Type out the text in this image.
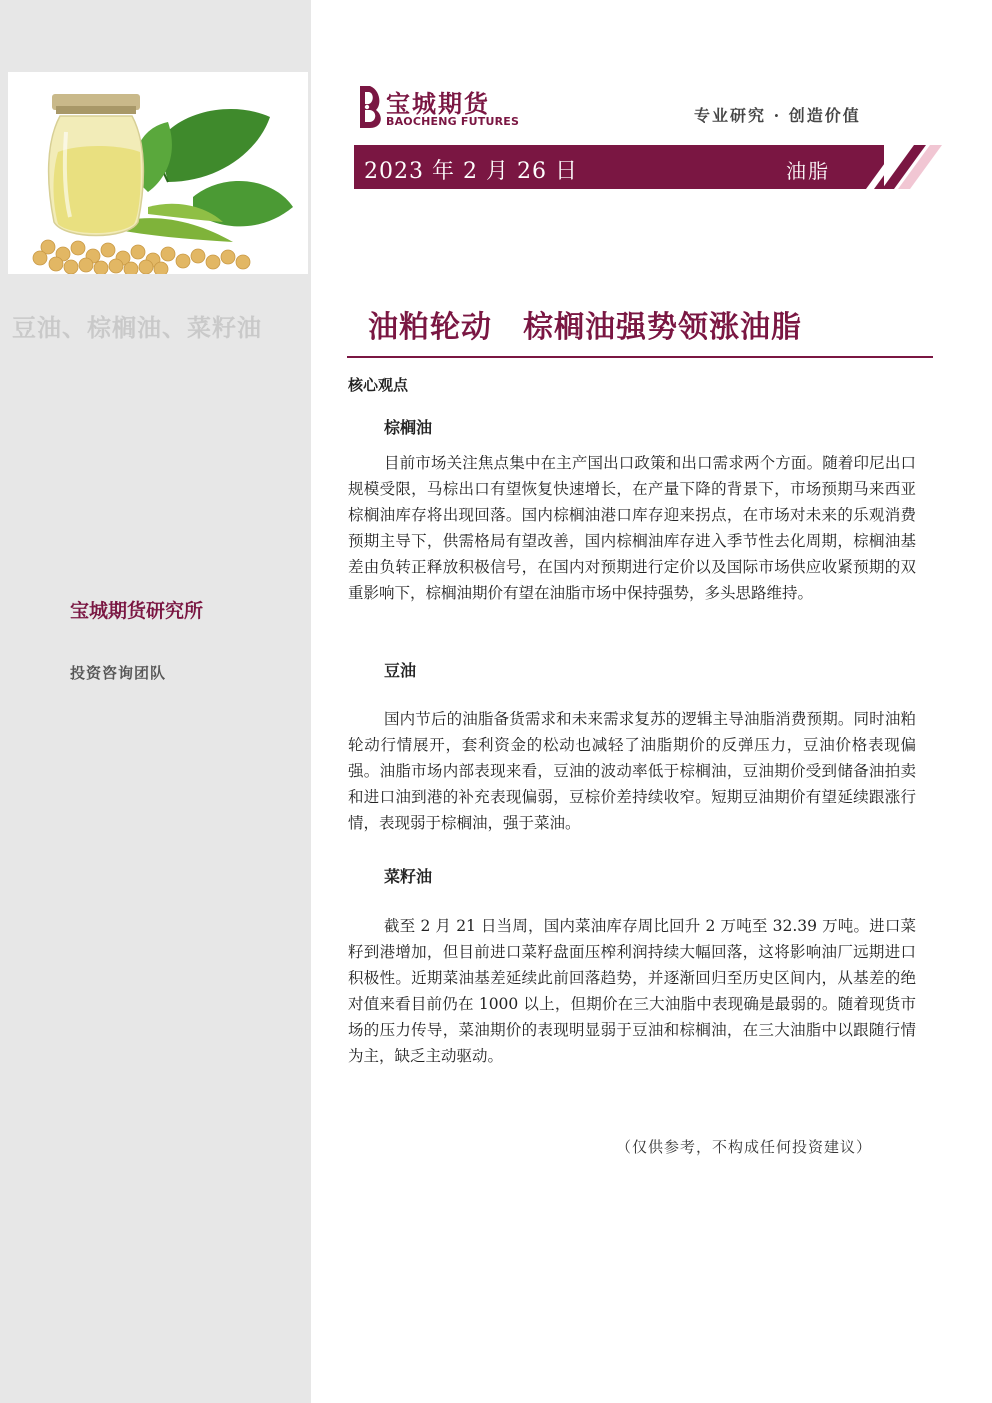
豆油、棕榈油、菜籽油
宝城期货研究所
投资咨询团队
宝城期货
BAOCHENG FUTURES	专业研究 · 创造价值
2023 年 2 月 26 日	油脂
油粕轮动　棕榈油强势领涨油脂
核心观点
棕榈油
目前市场关注焦点集中在主产国出口政策和出口需求两个方面。随着印尼出口规模受限，马棕出口有望恢复快速增长，在产量下降的背景下，市场预期马来西亚棕榈油库存将出现回落。国内棕榈油港口库存迎来拐点，在市场对未来的乐观消费预期主导下，供需格局有望改善，国内棕榈油库存进入季节性去化周期，棕榈油基差由负转正释放积极信号，在国内对预期进行定价以及国际市场供应收紧预期的双重影响下，棕榈油期价有望在油脂市场中保持强势，多头思路维持。
豆油
国内节后的油脂备货需求和未来需求复苏的逻辑主导油脂消费预期。同时油粕轮动行情展开，套利资金的松动也减轻了油脂期价的反弹压力，豆油价格表现偏强。油脂市场内部表现来看，豆油的波动率低于棕榈油，豆油期价受到储备油拍卖和进口油到港的补充表现偏弱，豆棕价差持续收窄。短期豆油期价有望延续跟涨行情，表现弱于棕榈油，强于菜油。
菜籽油
截至 2 月 21 日当周，国内菜油库存周比回升 2 万吨至 32.39 万吨。进口菜籽到港增加，但目前进口菜籽盘面压榨利润持续大幅回落，这将影响油厂远期进口积极性。近期菜油基差延续此前回落趋势，并逐渐回归至历史区间内，从基差的绝对值来看目前仍在 1000 以上，但期价在三大油脂中表现确是最弱的。随着现货市场的压力传导，菜油期价的表现明显弱于豆油和棕榈油，在三大油脂中以跟随行情为主，缺乏主动驱动。
（仅供参考，不构成任何投资建议）
